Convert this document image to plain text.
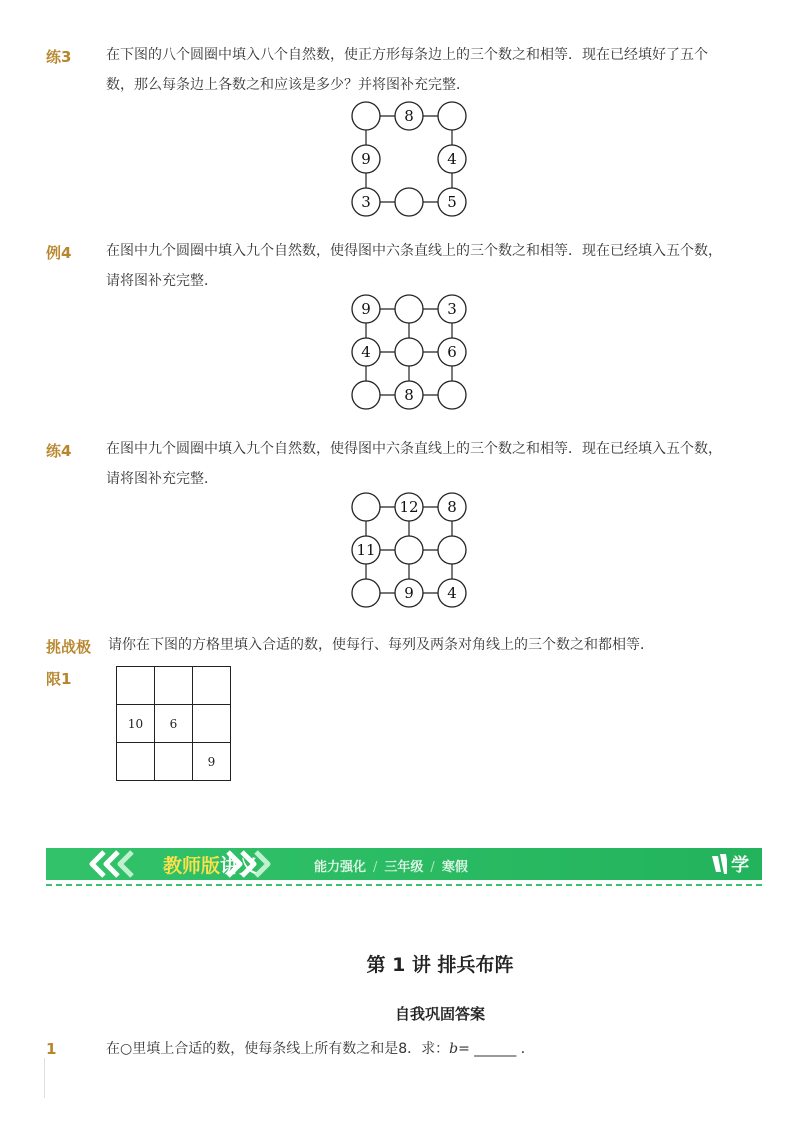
练3 在下图的八个圆圈中填入八个自然数，使正方形每条边上的三个数之和相等．现在已经填好了五个数，那么每条边上各数之和应该是多少？并将图补充完整．
8
9	4
3	5
例4 在图中九个圆圈中填入九个自然数，使得图中六条直线上的三个数之和相等．现在已经填入五个数，请将图补充完整．
9	3
4	6
8
练4 在图中九个圆圈中填入九个自然数，使得图中六条直线上的三个数之和相等．现在已经填入五个数，请将图补充完整．
12 8
11
9 4
挑战极
限1
请你在下图的方格里填入合适的数，使每行、每列及两条对角线上的三个数之和都相等．

10	6	
		9
教师版讲义	能力强化 / 三年级 / 寒假
爱学习
第 1 讲 排兵布阵
自我巩固答案
1	在○里填上合适的数，使每条线上所有数之和是8．求：b= ______ ．
